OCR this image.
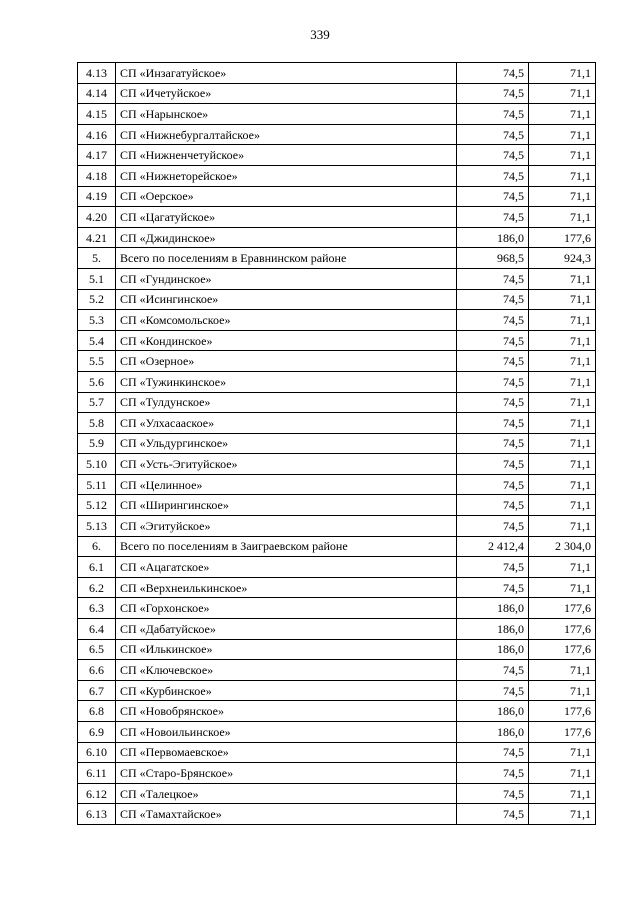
339
4.13	СП «Инзагатуйское»	74,5	71,1
4.14	СП «Ичетуйское»	74,5	71,1
4.15	СП «Нарынское»	74,5	71,1
4.16	СП «Нижнебургалтайское»	74,5	71,1
4.17	СП «Нижненчетуйское»	74,5	71,1
4.18	СП «Нижнеторейское»	74,5	71,1
4.19	СП «Оерское»	74,5	71,1
4.20	СП «Цагатуйское»	74,5	71,1
4.21	СП «Джидинское»	186,0	177,6
5.	Всего по поселениям в Еравнинском районе	968,5	924,3
5.1	СП «Гундинское»	74,5	71,1
5.2	СП «Исингинское»	74,5	71,1
5.3	СП «Комсомольское»	74,5	71,1
5.4	СП «Кондинское»	74,5	71,1
5.5	СП «Озерное»	74,5	71,1
5.6	СП «Тужинкинское»	74,5	71,1
5.7	СП «Тулдунское»	74,5	71,1
5.8	СП «Улхасаaское»	74,5	71,1
5.9	СП «Ульдургинское»	74,5	71,1
5.10	СП «Усть-Эгитуйское»	74,5	71,1
5.11	СП «Целинное»	74,5	71,1
5.12	СП «Ширингинское»	74,5	71,1
5.13	СП «Эгитуйское»	74,5	71,1
6.	Всего по поселениям в Заиграевском районе	2 412,4	2 304,0
6.1	СП «Ацагатское»	74,5	71,1
6.2	СП «Верхнеилькинское»	74,5	71,1
6.3	СП «Горхонское»	186,0	177,6
6.4	СП «Дабатуйское»	186,0	177,6
6.5	СП «Илькинское»	186,0	177,6
6.6	СП «Ключевское»	74,5	71,1
6.7	СП «Курбинское»	74,5	71,1
6.8	СП «Новобрянское»	186,0	177,6
6.9	СП «Новоильинское»	186,0	177,6
6.10	СП «Первомаевское»	74,5	71,1
6.11	СП «Старо-Брянское»	74,5	71,1
6.12	СП «Талецкое»	74,5	71,1
6.13	СП «Тамахтайское»	74,5	71,1
